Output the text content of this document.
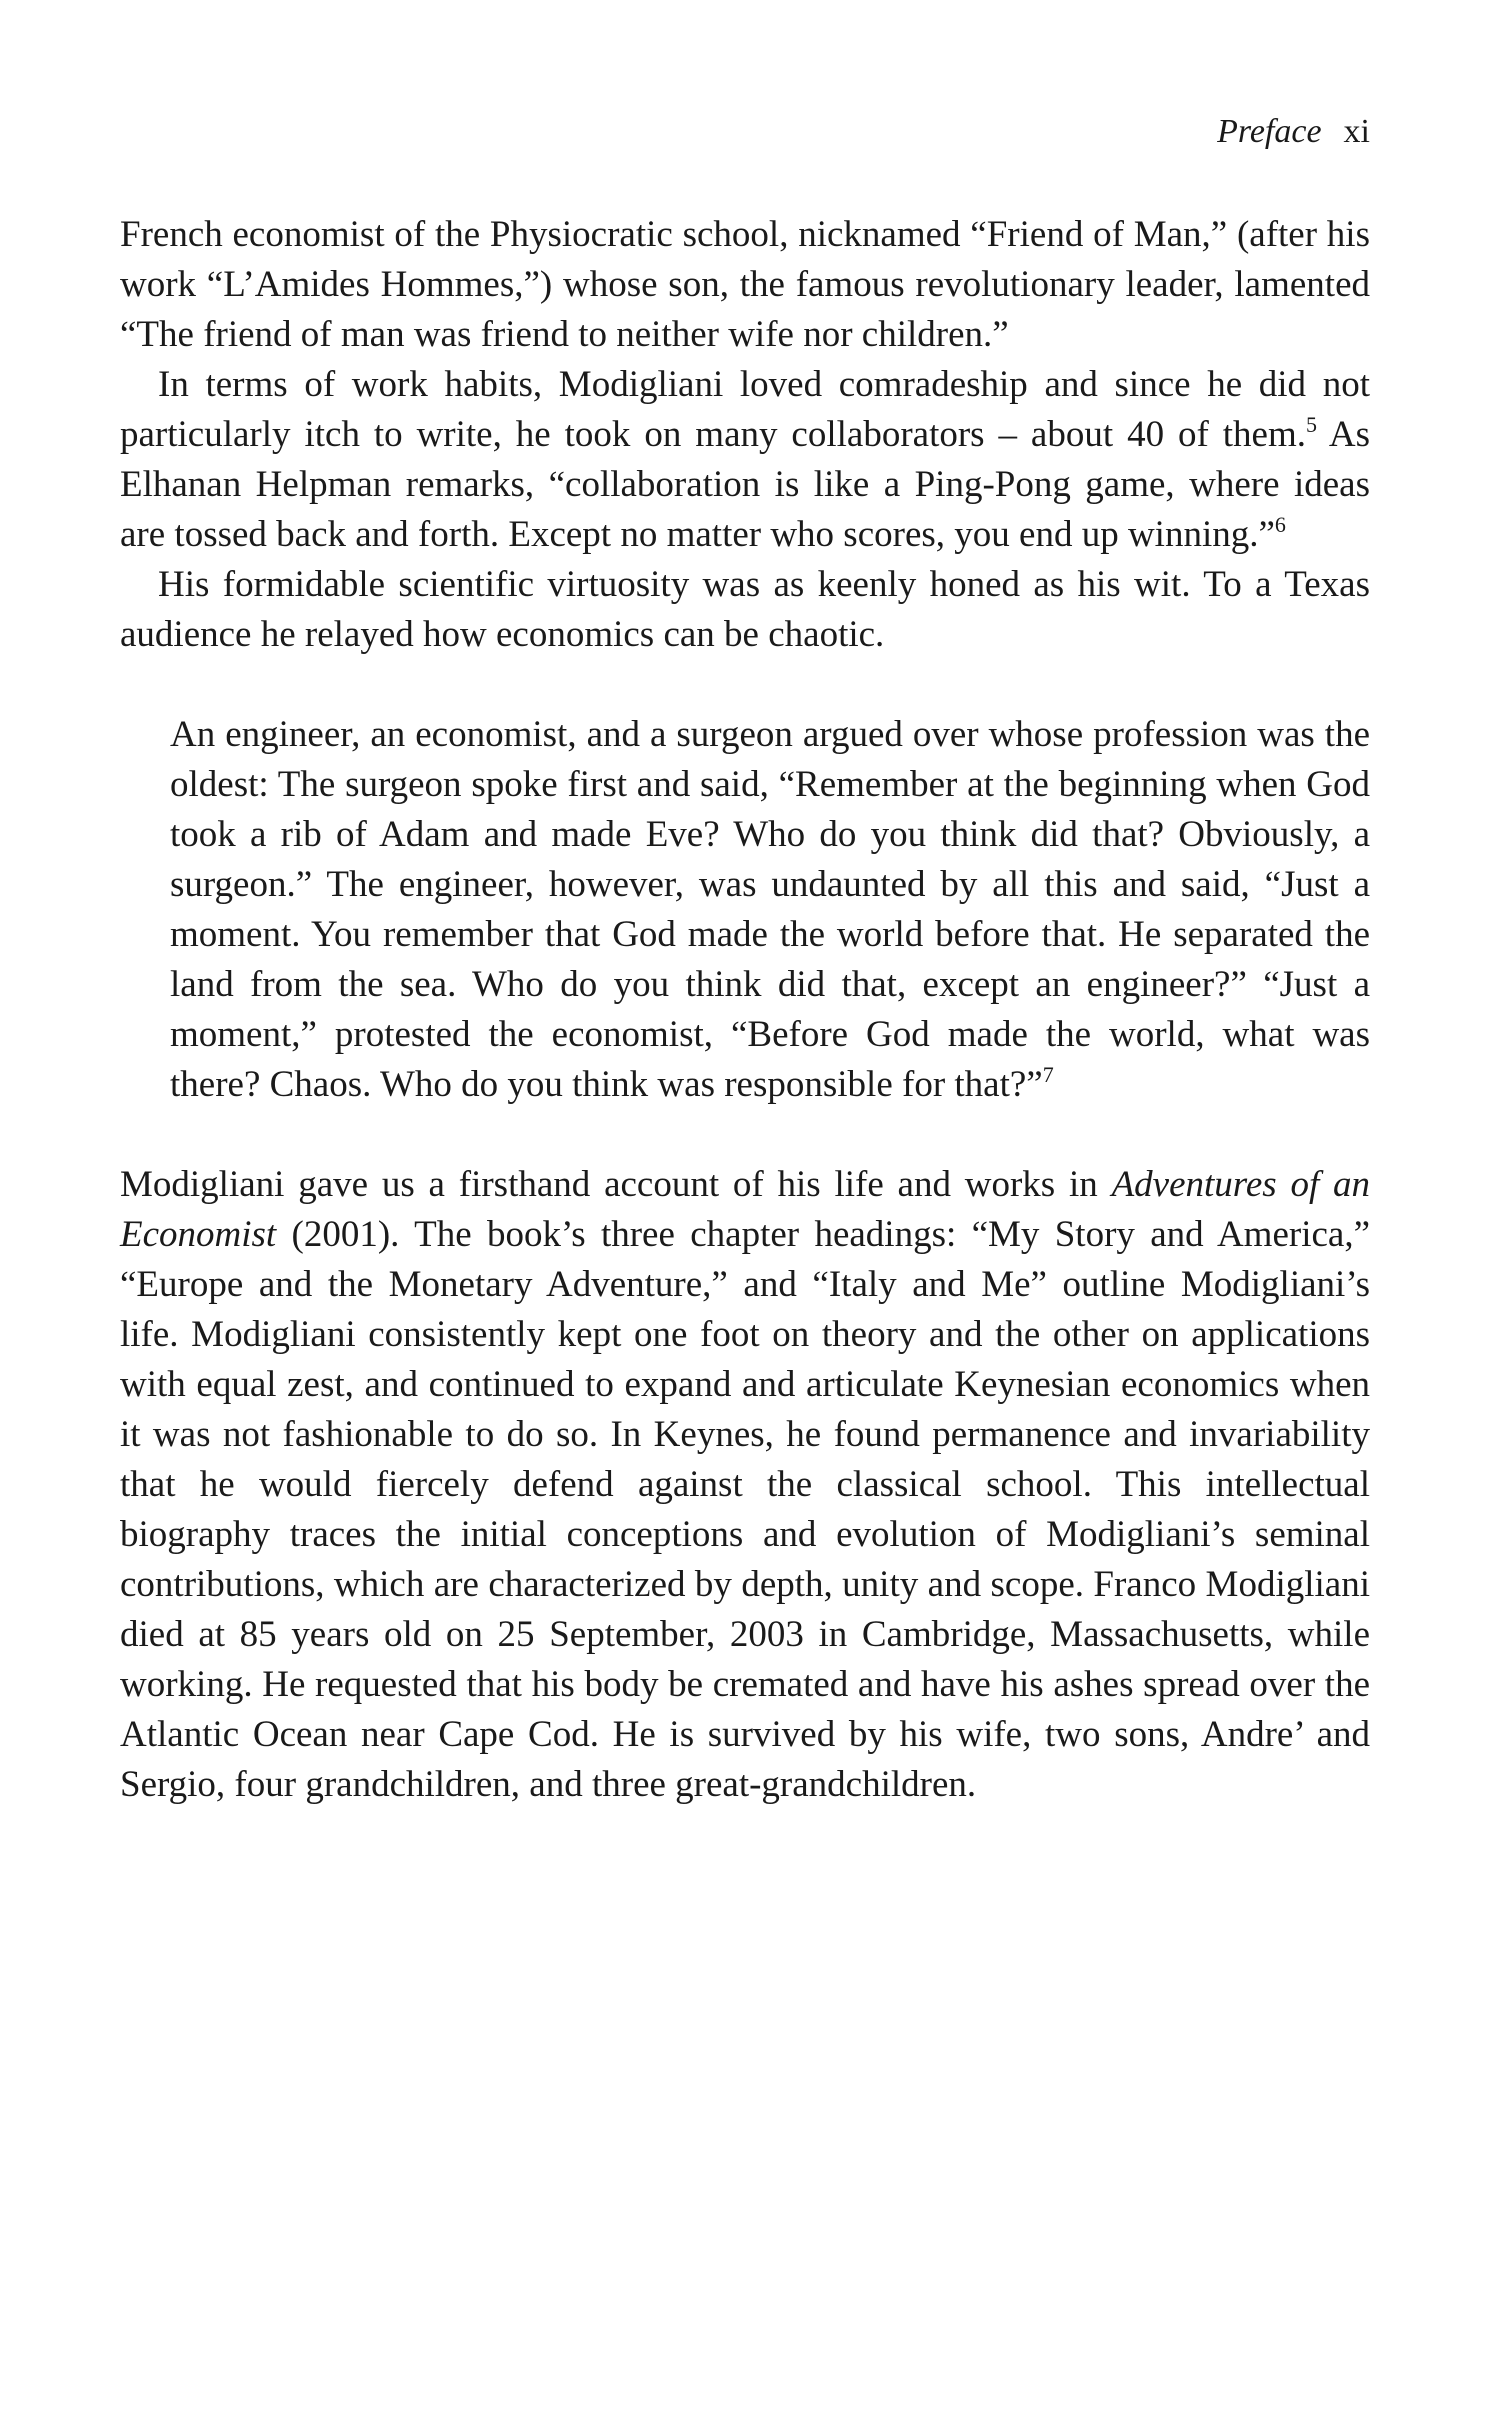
Preface xi

French economist of the Physiocratic school, nicknamed “Friend of Man,” (after his work “L’Amides Hommes,”) whose son, the famous revolutionary leader, lamented “The friend of man was friend to neither wife nor children.”

In terms of work habits, Modigliani loved comradeship and since he did not particularly itch to write, he took on many collaborators – about 40 of them.$^5$ As Elhanan Helpman remarks, “collaboration is like a Ping-Pong game, where ideas are tossed back and forth. Except no matter who scores, you end up winning.”$^6$

His formidable scientific virtuosity was as keenly honed as his wit. To a Texas audience he relayed how economics can be chaotic.

An engineer, an economist, and a surgeon argued over whose profession was the oldest: The surgeon spoke first and said, “Remember at the beginning when God took a rib of Adam and made Eve? Who do you think did that? Obviously, a surgeon.” The engineer, however, was undaunted by all this and said, “Just a moment. You remember that God made the world before that. He separated the land from the sea. Who do you think did that, except an engineer?” “Just a moment,” protested the economist, “Before God made the world, what was there? Chaos. Who do you think was responsible for that?”$^7$

Modigliani gave us a firsthand account of his life and works in Adventures of an Economist (2001). The book’s three chapter headings: “My Story and America,” “Europe and the Monetary Adventure,” and “Italy and Me” outline Modigliani’s life. Modigliani consistently kept one foot on theory and the other on applications with equal zest, and continued to expand and articulate Keynesian economics when it was not fashionable to do so. In Keynes, he found permanence and invariability that he would fiercely defend against the classical school. This intellectual biography traces the initial conceptions and evolution of Modigliani’s seminal contributions, which are characterized by depth, unity and scope. Franco Modigliani died at 85 years old on 25 September, 2003 in Cambridge, Massachusetts, while working. He requested that his body be cremated and have his ashes spread over the Atlantic Ocean near Cape Cod. He is survived by his wife, two sons, Andre’ and Sergio, four grandchildren, and three great-grandchildren.
